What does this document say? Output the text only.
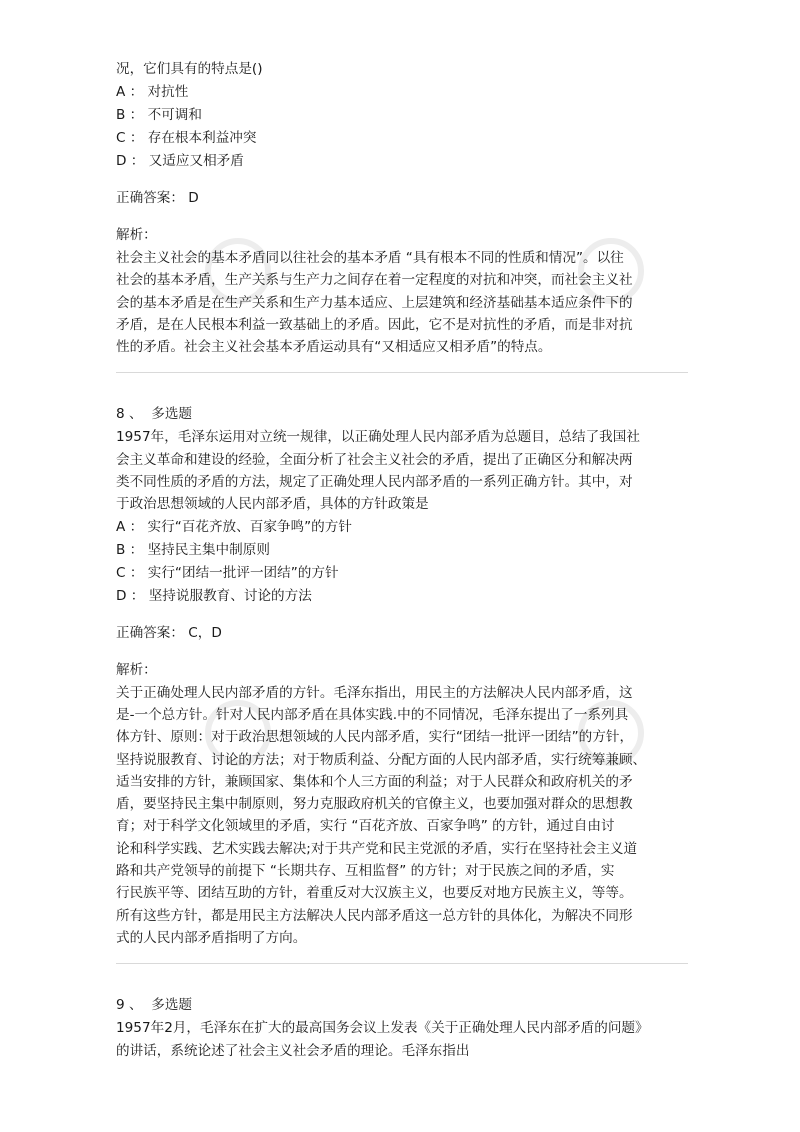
况，它们具有的特点是()
A ： 对抗性
B ： 不可调和
C ： 存在根本利益冲突
D ： 又适应又相矛盾
正确答案： D
解析：
社会主义社会的基本矛盾同以往社会的基本矛盾 “具有根本不同的性质和情况”。以往
社会的基本矛盾，生产关系与生产力之间存在着一定程度的对抗和冲突，而社会主义社
会的基本矛盾是在生产关系和生产力基本适应、上层建筑和经济基础基本适应条件下的
矛盾，是在人民根本利益一致基础上的矛盾。因此，它不是对抗性的矛盾，而是非对抗
性的矛盾。社会主义社会基本矛盾运动具有“又相适应又相矛盾”的特点。
8 、 多选题
1957年，毛泽东运用对立统一规律，以正确处理人民内部矛盾为总题目，总结了我国社
会主义革命和建设的经验，全面分析了社会主义社会的矛盾，提出了正确区分和解决两
类不同性质的矛盾的方法，规定了正确处理人民内部矛盾的一系列正确方针。其中，对
于政治思想领域的人民内部矛盾，具体的方针政策是
A ： 实行“百花齐放、百家争鸣”的方针
B ： 坚持民主集中制原则
C ： 实行“团结一批评一团结”的方针
D ： 坚持说服教育、讨论的方法
正确答案： C，D
解析：
关于正确处理人民内部矛盾的方针。毛泽东指出，用民主的方法解决人民内部矛盾，这
是-一个总方针。针对人民内部矛盾在具体实践.中的不同情况，毛泽东提出了一系列具
体方针、原则：对于政治思想领域的人民内部矛盾，实行“团结一批评一团结”的方针，
坚持说服教育、讨论的方法；对于物质利益、分配方面的人民内部矛盾，实行统筹兼顾、
适当安排的方针，兼顾国家、集体和个人三方面的利益；对于人民群众和政府机关的矛
盾，要坚持民主集中制原则，努力克服政府机关的官僚主义，也要加强对群众的思想教
育；对于科学文化领域里的矛盾，实行 “百花齐放、百家争鸣” 的方针，通过自由讨
论和科学实践、艺术实践去解决;对于共产党和民主党派的矛盾，实行在坚持社会主义道
路和共产党领导的前提下 “长期共存、互相监督” 的方针；对于民族之间的矛盾，实
行民族平等、团结互助的方针，着重反对大汉族主义，也要反对地方民族主义，等等。
所有这些方针，都是用民主方法解决人民内部矛盾这一总方针的具体化，为解决不同形
式的人民内部矛盾指明了方向。
9 、 多选题
1957年2月，毛泽东在扩大的最高国务会议上发表《关于正确处理人民内部矛盾的问题》
的讲话，系统论述了社会主义社会矛盾的理论。毛泽东指出
